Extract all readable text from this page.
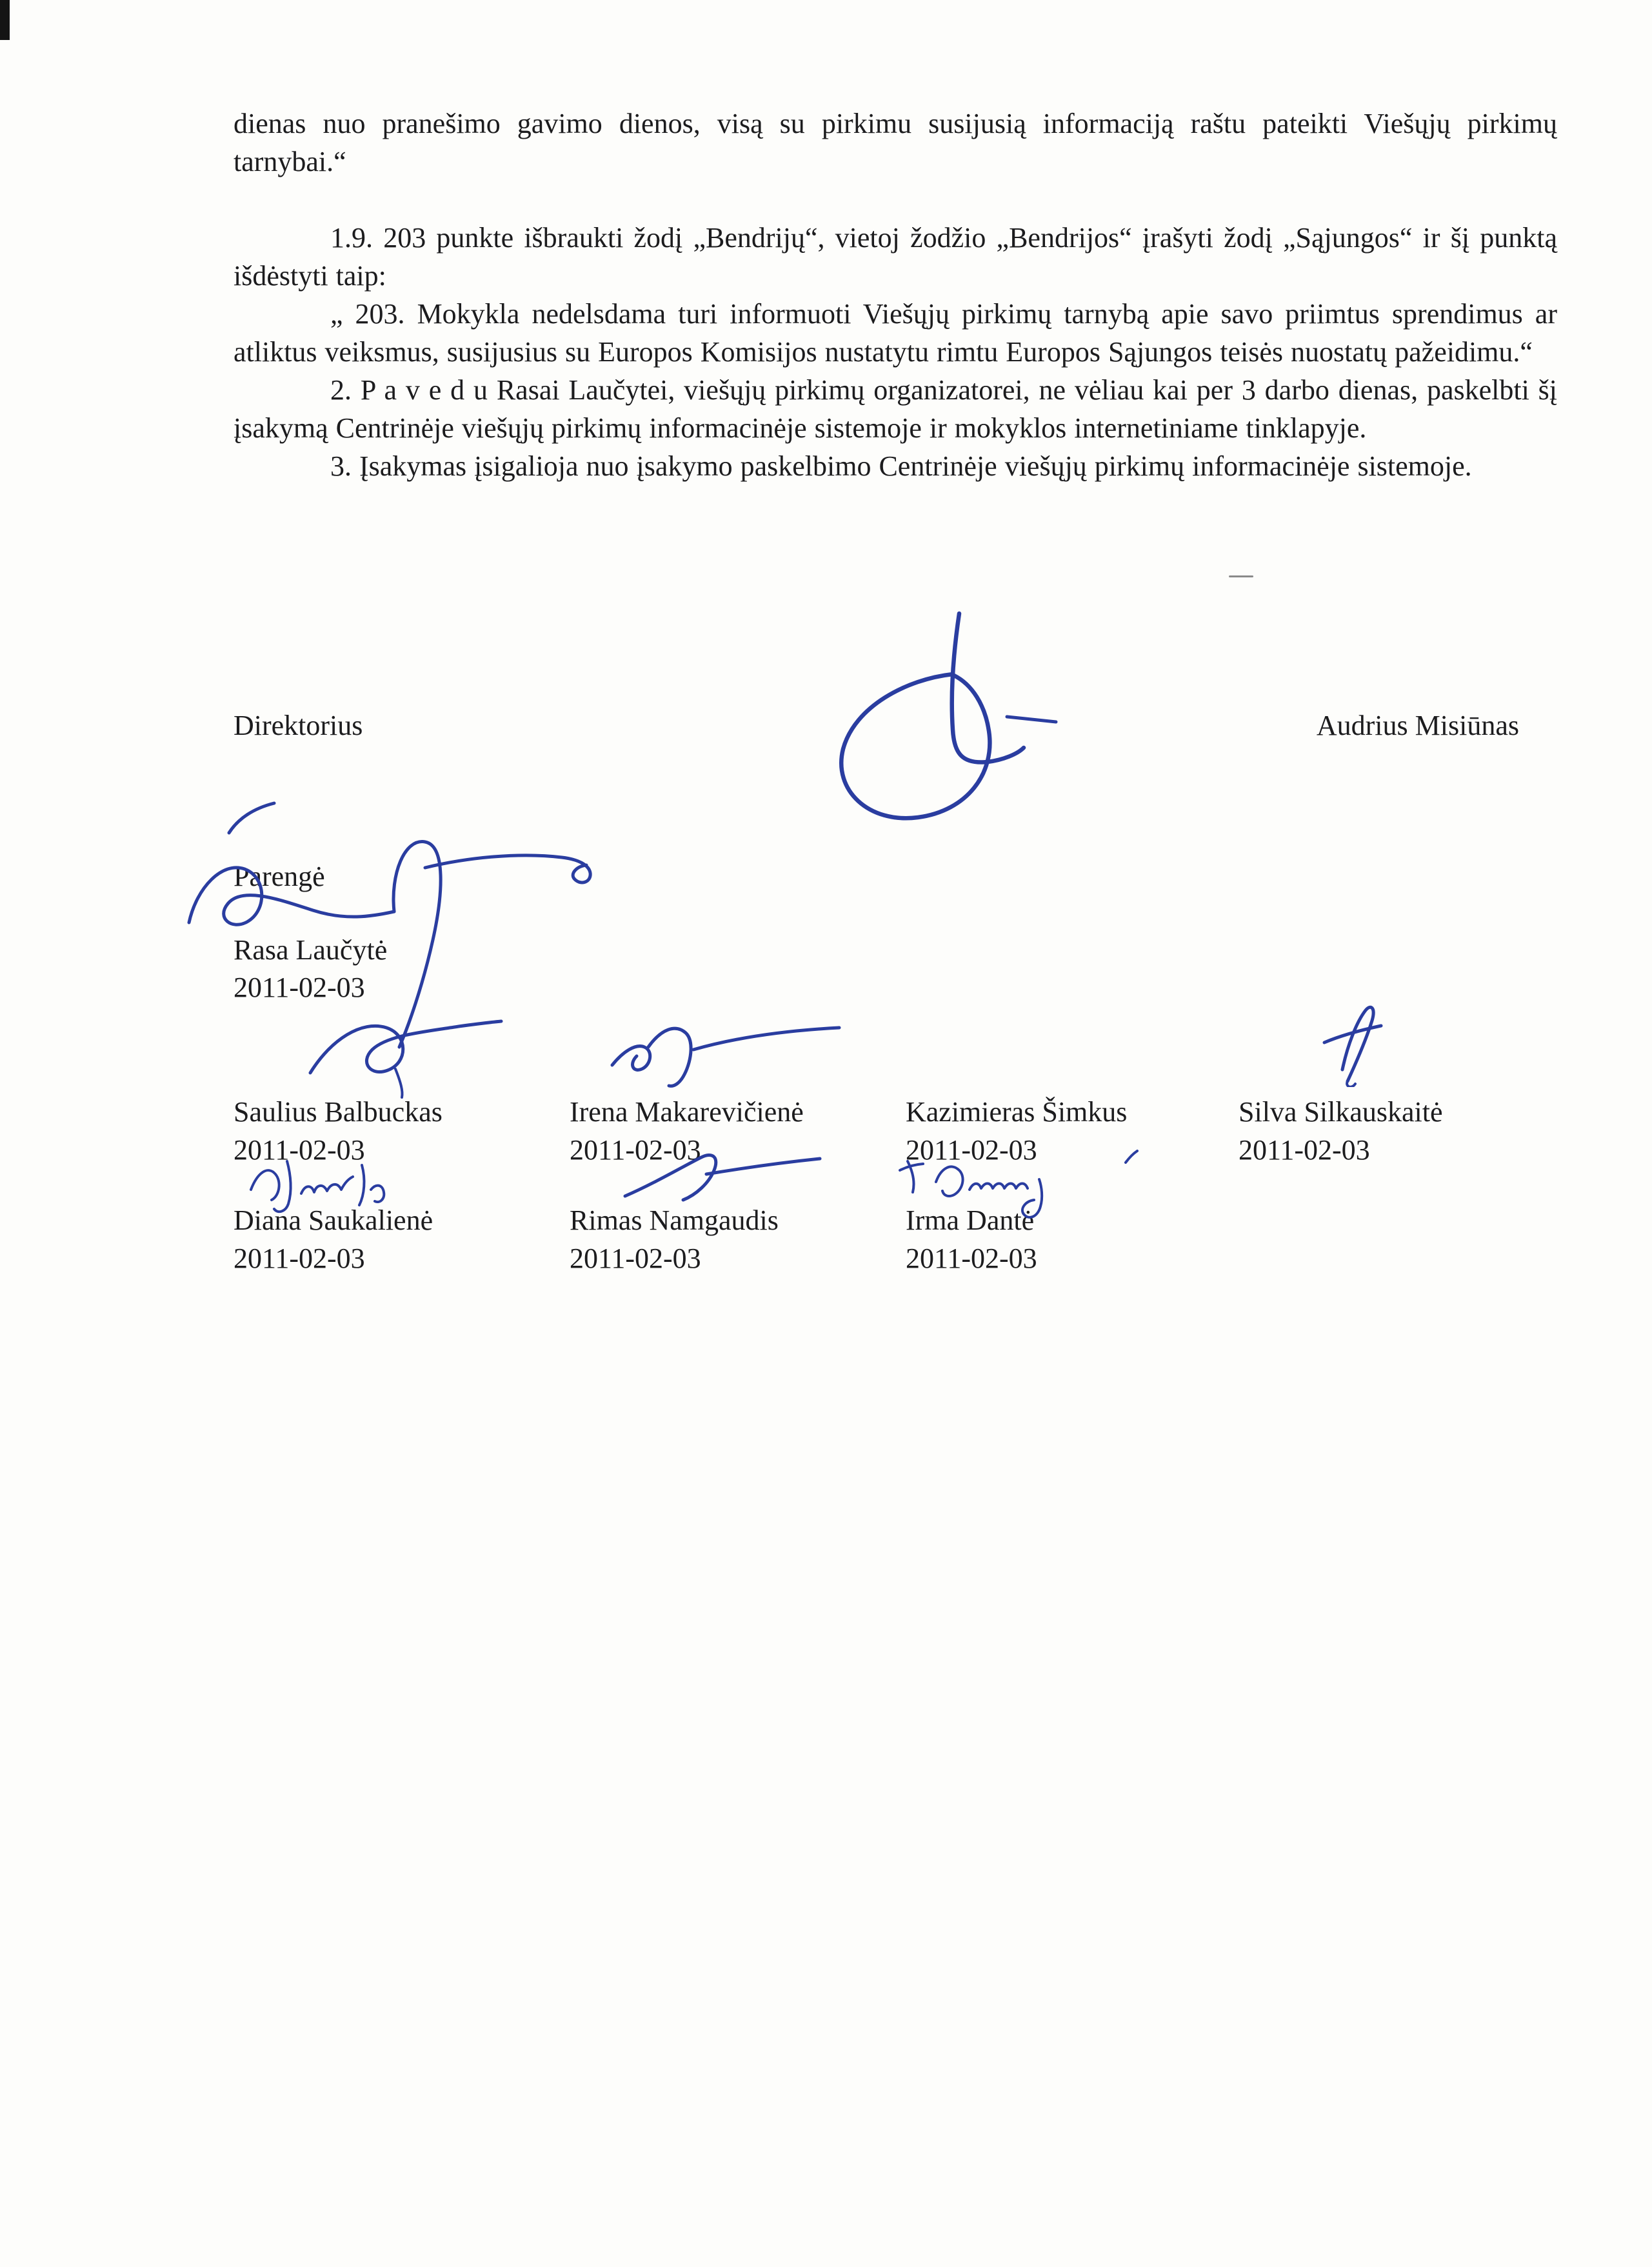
dienas nuo pranešimo gavimo dienos, visą su pirkimu susijusią informaciją raštu pateikti Viešųjų pirkimų tarnybai.“

1.9. 203 punkte išbraukti žodį „Bendrijų“, vietoj žodžio „Bendrijos“ įrašyti žodį „Sąjungos“ ir šį punktą išdėstyti taip:

„ 203. Mokykla nedelsdama turi informuoti Viešųjų pirkimų tarnybą apie savo priimtus sprendimus ar atliktus veiksmus, susijusius su Europos Komisijos nustatytu rimtu Europos Sąjungos teisės nuostatų pažeidimu.“

2. P a v e d u Rasai Laučytei, viešųjų pirkimų organizatorei, ne vėliau kai per 3 darbo dienas, paskelbti šį įsakymą Centrinėje viešųjų pirkimų informacinėje sistemoje ir mokyklos internetiniame tinklapyje.

3. Įsakymas įsigalioja nuo įsakymo paskelbimo Centrinėje viešųjų pirkimų informacinėje sistemoje.

Direktorius	Audrius Misiūnas
Parengė
Rasa Laučytė
2011-02-03
Saulius Balbuckas
2011-02-03
Irena Makarevičienė
2011-02-03
Kazimieras Šimkus
2011-02-03
Silva Silkauskaitė
2011-02-03
Diana Saukalienė
2011-02-03
Rimas Namgaudis
2011-02-03
Irma Dantė
2011-02-03
